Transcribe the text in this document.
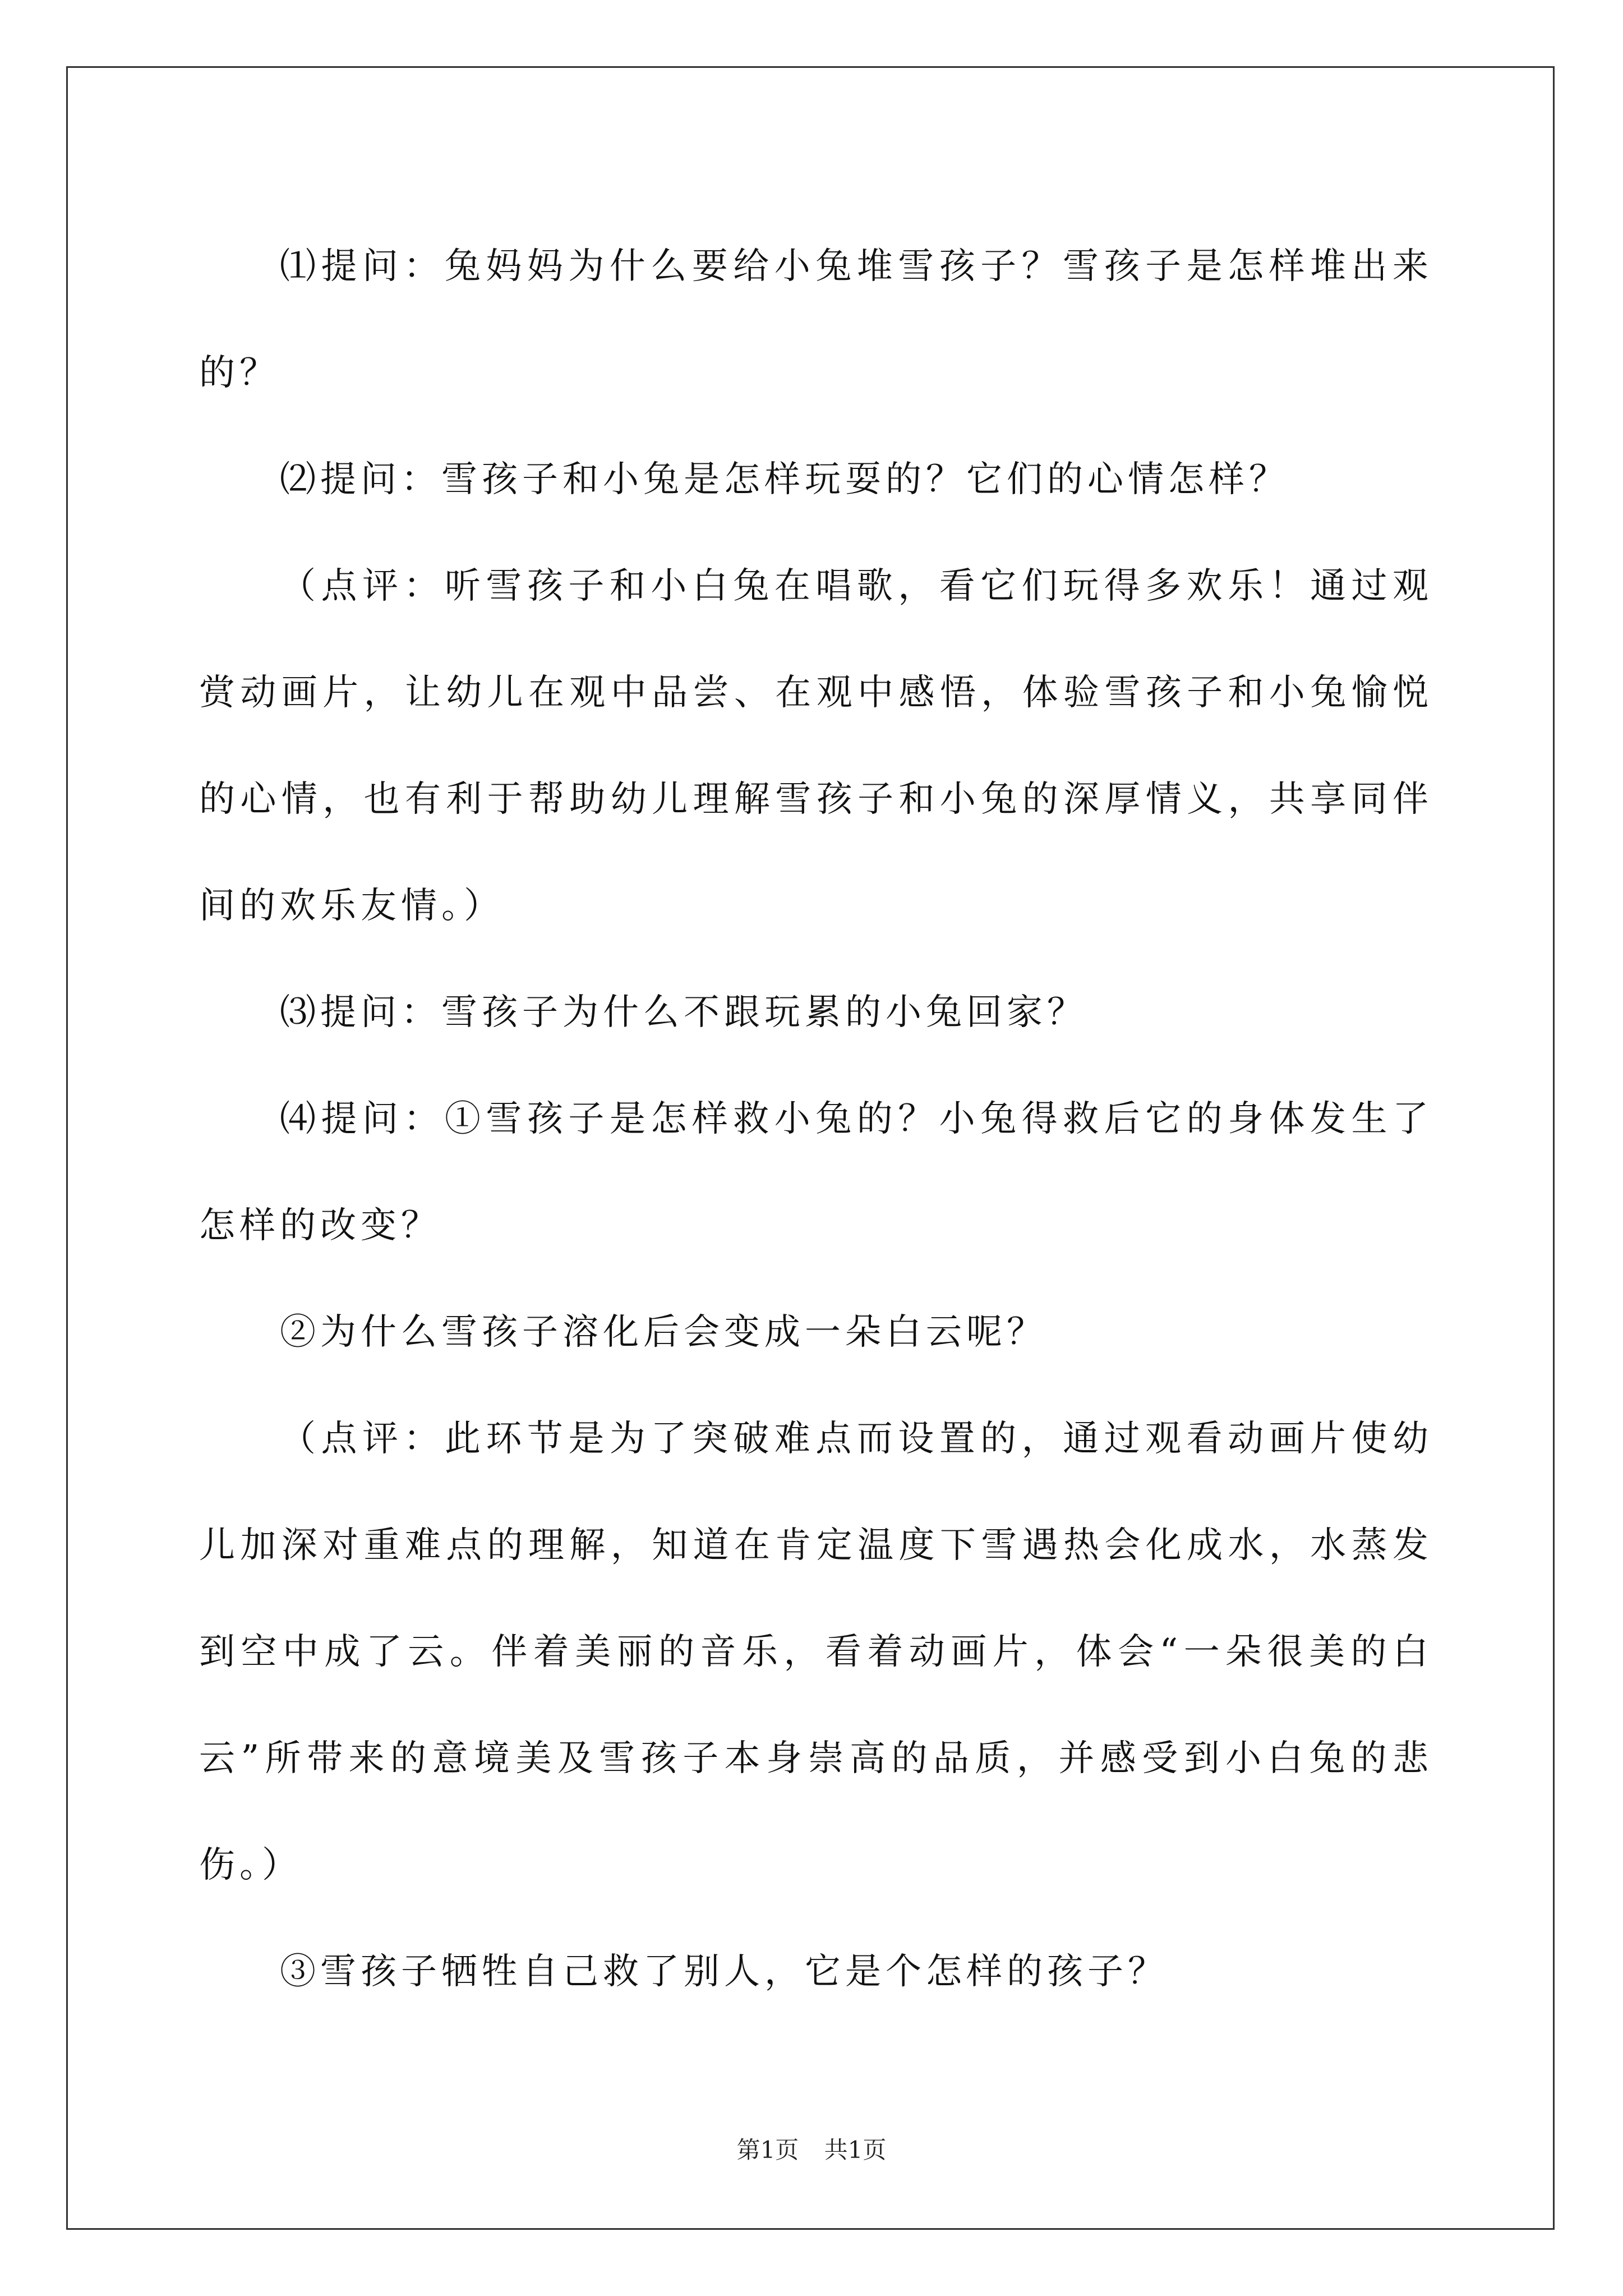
⑴提问：兔妈妈为什么要给小兔堆雪孩子？雪孩子是怎样堆出来的？

⑵提问：雪孩子和小兔是怎样玩耍的？它们的心情怎样？

（点评：听雪孩子和小白兔在唱歌，看它们玩得多欢乐！通过观赏动画片，让幼儿在观中品尝、在观中感悟，体验雪孩子和小兔愉悦的心情，也有利于帮助幼儿理解雪孩子和小兔的深厚情义，共享同伴间的欢乐友情。）

⑶提问：雪孩子为什么不跟玩累的小兔回家？

⑷提问：①雪孩子是怎样救小兔的？小兔得救后它的身体发生了怎样的改变？

②为什么雪孩子溶化后会变成一朵白云呢？

（点评：此环节是为了突破难点而设置的，通过观看动画片使幼儿加深对重难点的理解，知道在肯定温度下雪遇热会化成水，水蒸发到空中成了云。伴着美丽的音乐，看着动画片，体会“一朵很美的白云”所带来的意境美及雪孩子本身崇高的品质，并感受到小白兔的悲伤。）

③雪孩子牺牲自己救了别人，它是个怎样的孩子？

第1页 共1页
